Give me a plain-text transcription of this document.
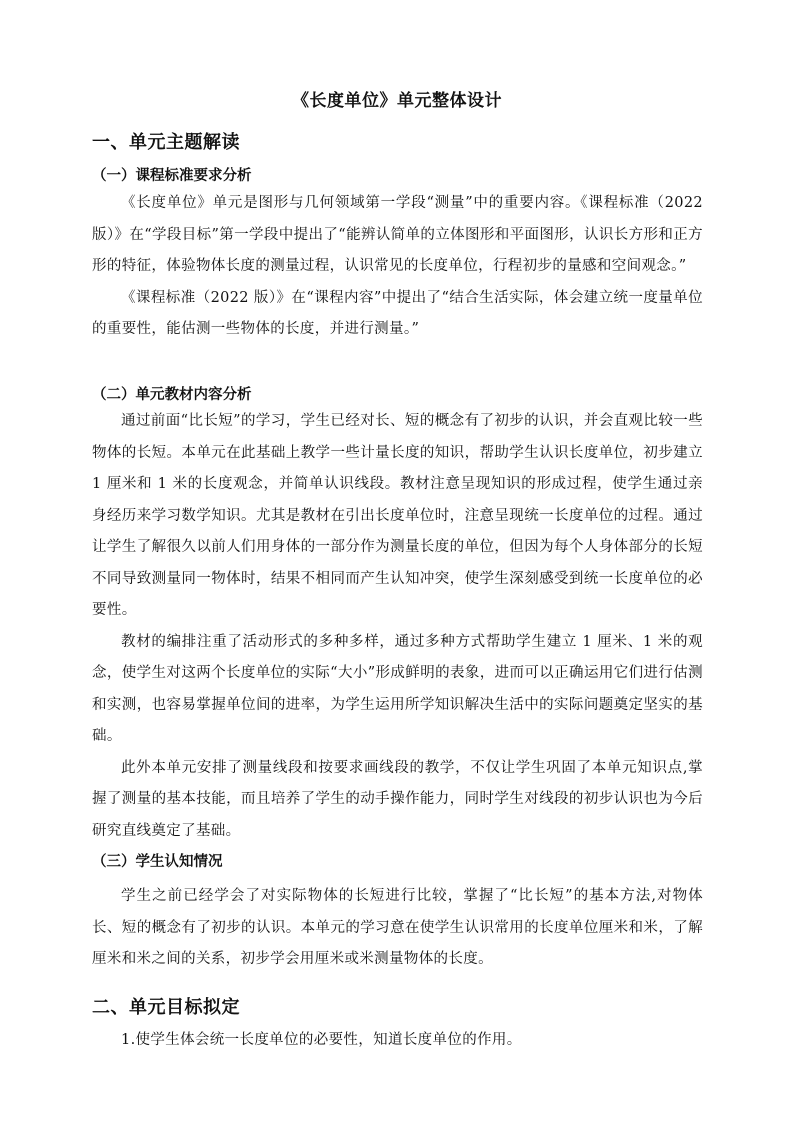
《长度单位》单元整体设计
一、单元主题解读
（一）课程标准要求分析

《长度单位》单元是图形与几何领域第一学段“测量”中的重要内容。《课程标准（2022 版）》在“学段目标”第一学段中提出了“能辨认简单的立体图形和平面图形，认识长方形和正方形的特征，体验物体长度的测量过程，认识常见的长度单位，行程初步的量感和空间观念。”

《课程标准（2022 版）》在“课程内容”中提出了“结合生活实际，体会建立统一度量单位的重要性，能估测一些物体的长度，并进行测量。”

（二）单元教材内容分析

通过前面“比长短”的学习，学生已经对长、短的概念有了初步的认识，并会直观比较一些物体的长短。本单元在此基础上教学一些计量长度的知识，帮助学生认识长度单位，初步建立 1 厘米和 1 米的长度观念，并简单认识线段。教材注意呈现知识的形成过程，使学生通过亲身经历来学习数学知识。尤其是教材在引出长度单位时，注意呈现统一长度单位的过程。通过让学生了解很久以前人们用身体的一部分作为测量长度的单位，但因为每个人身体部分的长短不同导致测量同一物体时，结果不相同而产生认知冲突，使学生深刻感受到统一长度单位的必要性。

教材的编排注重了活动形式的多种多样，通过多种方式帮助学生建立 1 厘米、1 米的观念，使学生对这两个长度单位的实际“大小”形成鲜明的表象，进而可以正确运用它们进行估测和实测，也容易掌握单位间的进率，为学生运用所学知识解决生活中的实际问题奠定坚实的基础。

此外本单元安排了测量线段和按要求画线段的教学，不仅让学生巩固了本单元知识点,掌握了测量的基本技能，而且培养了学生的动手操作能力，同时学生对线段的初步认识也为今后研究直线奠定了基础。

（三）学生认知情况

学生之前已经学会了对实际物体的长短进行比较，掌握了“比长短”的基本方法,对物体长、短的概念有了初步的认识。本单元的学习意在使学生认识常用的长度单位厘米和米，了解厘米和米之间的关系，初步学会用厘米或米测量物体的长度。

二、单元目标拟定

1.使学生体会统一长度单位的必要性，知道长度单位的作用。
